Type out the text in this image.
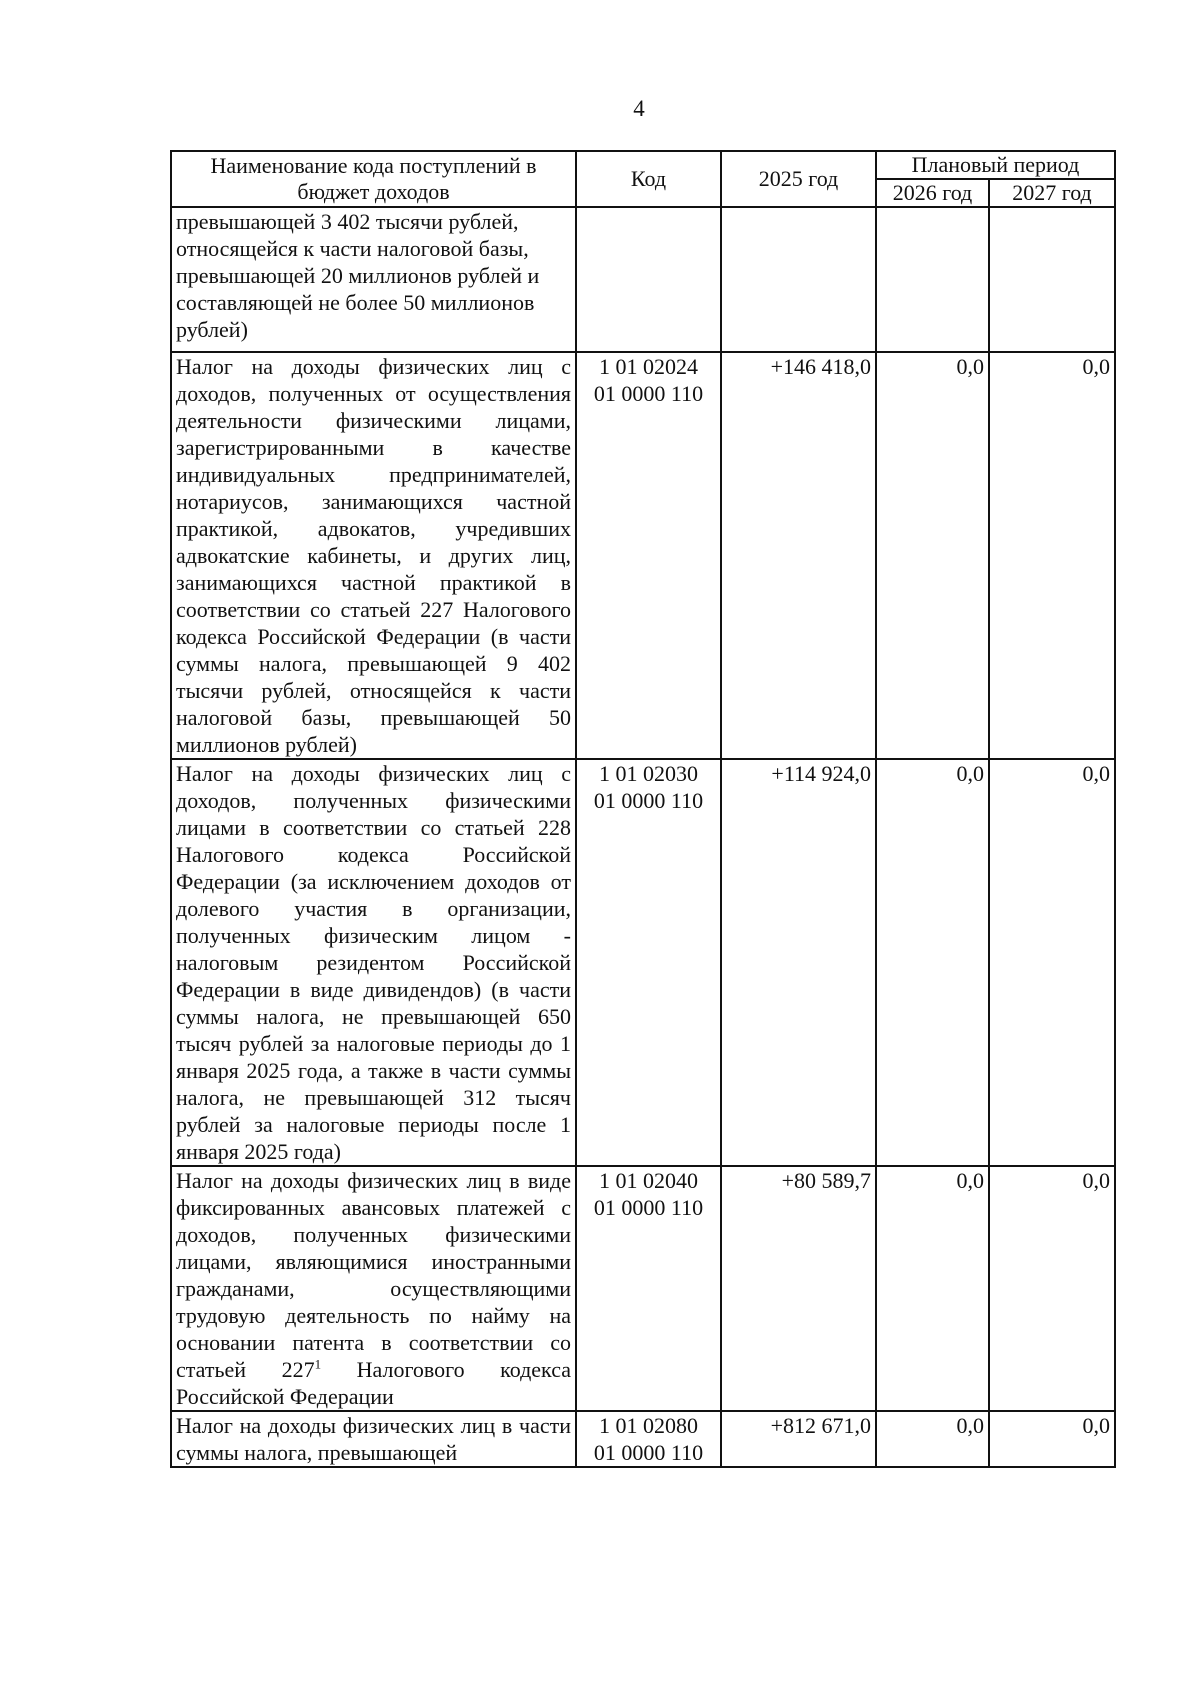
4
Наименование кода поступлений в бюджет доходов	Код	2025 год	Плановый период	
			2026 год	2027 год
превышающей 3 402 тысячи рублей,
относящейся к части налоговой базы,
превышающей 20 миллионов рублей и
составляющей не более 50 миллионов
рублей)				
Налог на доходы физических лиц с доходов, полученных от осуществления деятельности физическими лицами, зарегистрированными в качестве индивидуальных предпринимателей, нотариусов, занимающихся частной практикой, адвокатов, учредивших адвокатские кабинеты, и других лиц, занимающихся частной практикой в соответствии со статьей 227 Налогового кодекса Российской Федерации (в части суммы налога, превышающей 9 402 тысячи рублей, относящейся к части налоговой базы, превышающей 50 миллионов рублей)	1 01 02024
01 0000 110	+146 418,0	0,0	0,0
Налог на доходы физических лиц с доходов, полученных физическими лицами в соответствии со статьей 228 Налогового кодекса Российской Федерации (за исключением доходов от долевого участия в организации, полученных физическим лицом - налоговым резидентом Российской Федерации в виде дивидендов) (в части суммы налога, не превышающей 650 тысяч рублей за налоговые периоды до 1 января 2025 года, а также в части суммы налога, не превышающей 312 тысяч рублей за налоговые периоды после 1 января 2025 года)	1 01 02030
01 0000 110	+114 924,0	0,0	0,0
Налог на доходы физических лиц в виде фиксированных авансовых платежей с доходов, полученных физическими лицами, являющимися иностранными гражданами, осуществляющими трудовую деятельность по найму на основании патента в соответствии со статьей $227^1$ Налогового кодекса Российской Федерации	1 01 02040
01 0000 110	+80 589,7	0,0	0,0
Налог на доходы физических лиц в части суммы налога, превышающей	1 01 02080
01 0000 110	+812 671,0	0,0	0,0
